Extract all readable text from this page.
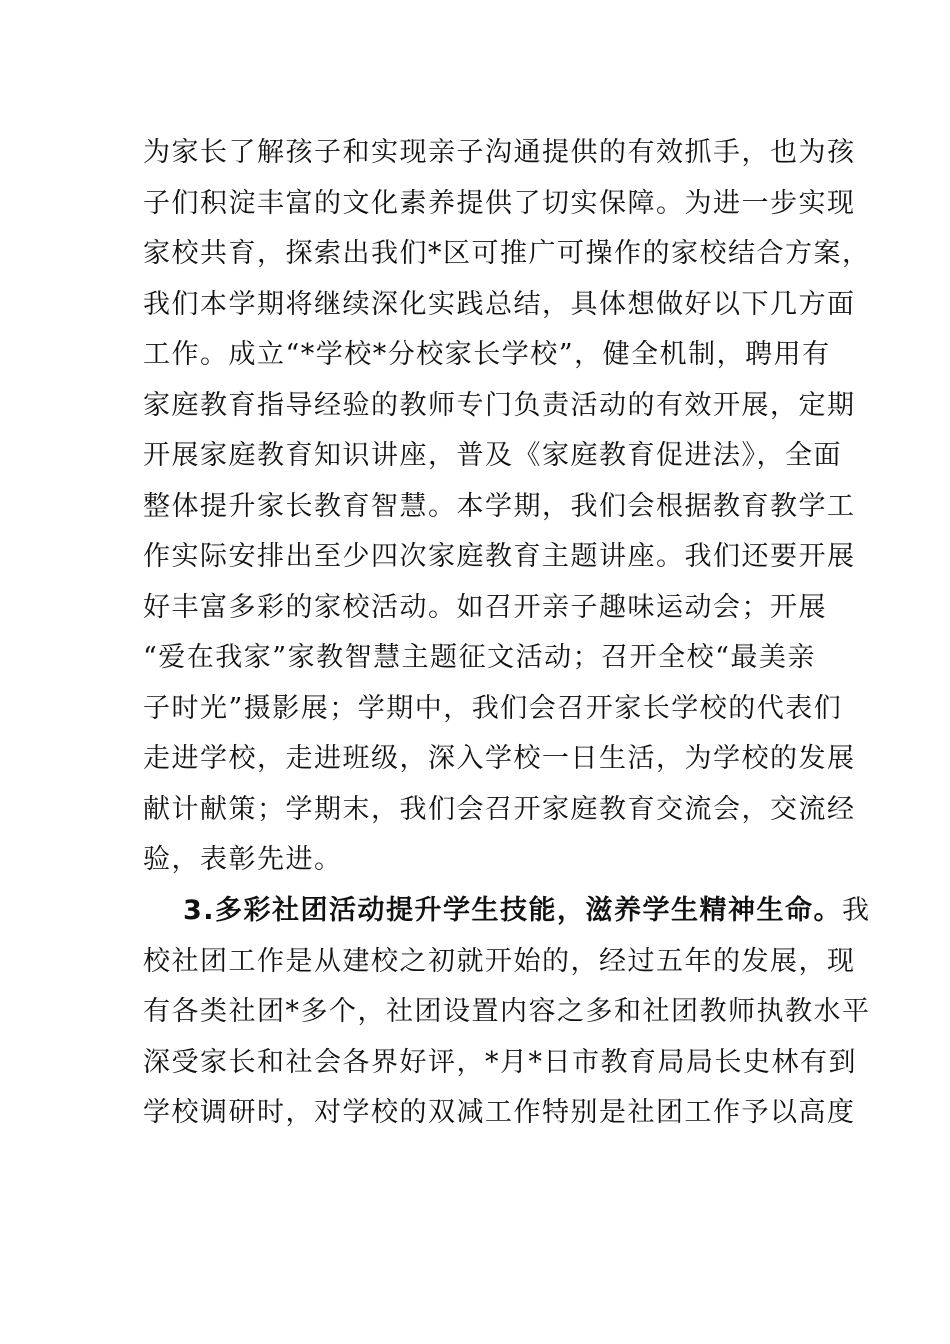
为家长了解孩子和实现亲子沟通提供的有效抓手，也为孩
子们积淀丰富的文化素养提供了切实保障。为进一步实现
家校共育，探索出我们*区可推广可操作的家校结合方案，
我们本学期将继续深化实践总结，具体想做好以下几方面
工作。成立“*学校*分校家长学校”，健全机制，聘用有
家庭教育指导经验的教师专门负责活动的有效开展，定期
开展家庭教育知识讲座，普及《家庭教育促进法》，全面
整体提升家长教育智慧。本学期，我们会根据教育教学工
作实际安排出至少四次家庭教育主题讲座。我们还要开展
好丰富多彩的家校活动。如召开亲子趣味运动会；开展
“爱在我家”家教智慧主题征文活动；召开全校“最美亲
子时光”摄影展；学期中，我们会召开家长学校的代表们
走进学校，走进班级，深入学校一日生活，为学校的发展
献计献策；学期末，我们会召开家庭教育交流会，交流经
验，表彰先进。
3.多彩社团活动提升学生技能，滋养学生精神生命。我
校社团工作是从建校之初就开始的，经过五年的发展，现
有各类社团*多个，社团设置内容之多和社团教师执教水平
深受家长和社会各界好评，*月*日市教育局局长史林有到
学校调研时，对学校的双减工作特别是社团工作予以高度
